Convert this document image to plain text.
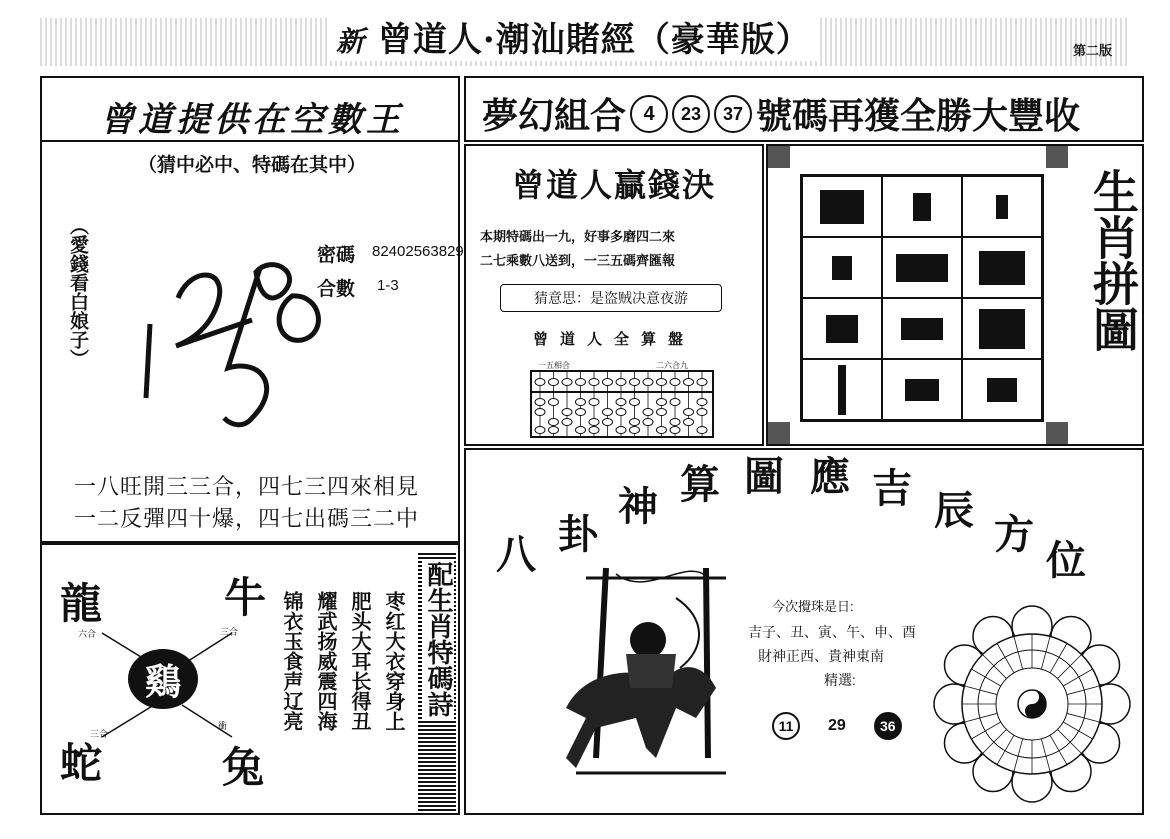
新 曾道人·潮汕賭經（豪華版）	第二版
曾道提供在空數王
（猜中必中、特碼在其中）
（愛錢看白娘子）	密碼 82402563829
合數 1-3
一八旺開三三合，四七三四來相見
一二反彈四十爆，四七出碼三二中
龍	牛
蛇	兔
六合	三合
三合
衝
鷄	枣红大衣穿身上
肥头大耳长得丑
耀武扬威震四海
锦衣玉食声辽亮	配生肖特碼詩
夢幻組合 4	23	37 號碼再獲全勝大豐收
曾道人贏錢決
本期特碼出一九，好事多磨四二來
二七乘數八送到，一三五碼齊匯報
猜意思：是盗贼决意夜游
曾道人全算盤
一五相合	二六合九
生肖拼圖
八 卦神 算 圖 應 吉 辰方位
今次攪珠是日:
吉子、丑、寅、午、申、酉
財神正西、貴神東南
精選:
11	29	36
